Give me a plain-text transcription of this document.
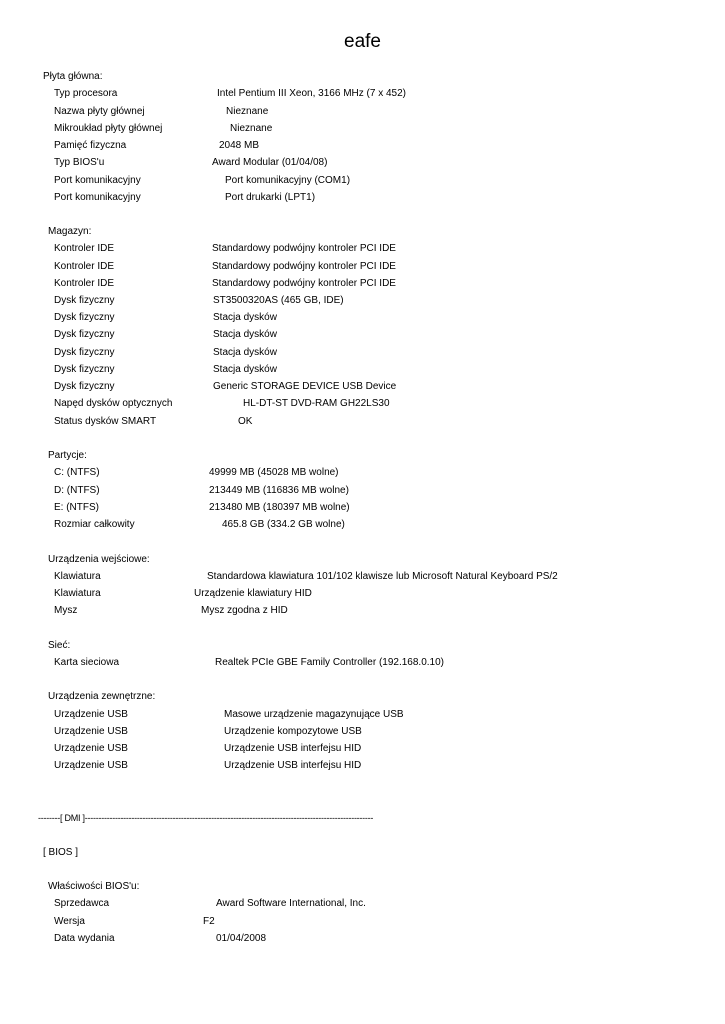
eafe
Płyta główna:
Typ procesora	Intel Pentium III Xeon, 3166 MHz (7 x 452)
Nazwa płyty głównej	Nieznane
Mikroukład płyty głównej	Nieznane
Pamięć fizyczna	2048 MB
Typ BIOS'u	Award Modular (01/04/08)
Port komunikacyjny	Port komunikacyjny (COM1)
Port komunikacyjny	Port drukarki (LPT1)
Magazyn:
Kontroler IDE	Standardowy podwójny kontroler PCI IDE
Kontroler IDE	Standardowy podwójny kontroler PCI IDE
Kontroler IDE	Standardowy podwójny kontroler PCI IDE
Dysk fizyczny	ST3500320AS (465 GB, IDE)
Dysk fizyczny	Stacja dysków
Dysk fizyczny	Stacja dysków
Dysk fizyczny	Stacja dysków
Dysk fizyczny	Stacja dysków
Dysk fizyczny	Generic STORAGE DEVICE USB Device
Napęd dysków optycznych	HL-DT-ST DVD-RAM GH22LS30
Status dysków SMART	OK
Partycje:
C: (NTFS)	49999 MB (45028 MB wolne)
D: (NTFS)	213449 MB (116836 MB wolne)
E: (NTFS)	213480 MB (180397 MB wolne)
Rozmiar całkowity	465.8 GB (334.2 GB wolne)
Urządzenia wejściowe:
Klawiatura	Standardowa klawiatura 101/102 klawisze lub Microsoft Natural Keyboard PS/2
Klawiatura	Urządzenie klawiatury HID
Mysz	Mysz zgodna z HID
Sieć:
Karta sieciowa	Realtek PCIe GBE Family Controller (192.168.0.10)
Urządzenia zewnętrzne:
Urządzenie USB	Masowe urządzenie magazynujące USB
Urządzenie USB	Urządzenie kompozytowe USB
Urządzenie USB	Urządzenie USB interfejsu HID
Urządzenie USB	Urządzenie USB interfejsu HID
--------[ DMI ]---------------------------------------------------------------------------------------------------------
[ BIOS ]
Właściwości BIOS'u:
Sprzedawca	Award Software International, Inc.
Wersja	F2
Data wydania	01/04/2008
